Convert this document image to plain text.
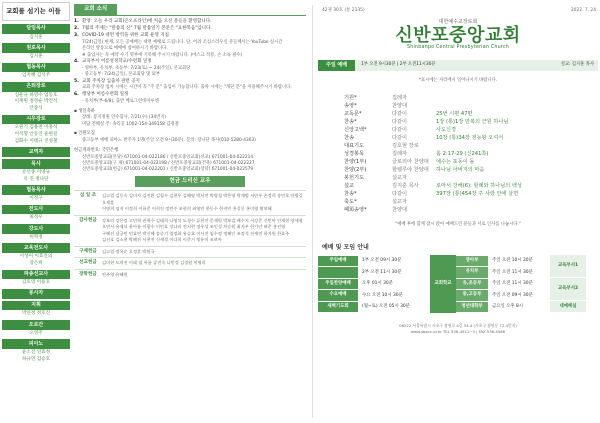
교회를 섬기는 이들
담임목사
김지훈
원로목사
김지훈
협동목사
임지혜 김석주
은퇴장로
심운규 하영수 엄동호
이재원 정영순 박진석
안종식
시무장로
오원기 김용천 이홍석
이석형 안동인 윤현길
김화수 이태규 진성철
교역자
목사
유선종 이영규
유 진 정나단
협동목사
이정구
전도사
최정우
강도사
허혁정
교육전도사
이성미 이효진외
강은희
파송선교사
김호영 이용호
봉사자
지휘
박연정 정호진
오르간
오영주
피아노
윤소진 연효정
하규민 김승호
교회 소식
1. 환영: 오늘 우리 교회(온오프라인)에 처음 오신 분들을 환영합니다.
2. 7월의 주제는 "말씀의 신" 7월 말씀일기 본문은 "요한복음"입니다.
3. COVID-19 대면 방역을 위한 교회 운영 지침
7/24(금일) 현재, 모든 공예배는 대면 예배로 드립니다. 단, 어려 조심스러우신 분들께서는 YouTube 실시간
온라인 방송으로 예배에 참여하시기 바랍니다.
※ 출입자는 꼭 예약 수기 명부에 기록해 주시기 바랍니다. (마스크 착용, 손 소독 필수)
4. 교육부서 여름성경학교/수련회 일정
· 영아부, 유치부, 초등부: 7/23(토) ~ 24(주일), 본교회당
· 중고등부: 7/24(금일), 본교회당 및 외부
5. 교회 주차장 입출차 관련 공지
교회 주차장 입차 시에는 시간이 꼭 "주 문" 출입이 가능합니다. 출차 시에는 "계단 문"을 이용해주시기 바랍니다.
6. 행당부 여름수련회 일정
· 유치부(부-6/8), 출반 베로그런데미루엔
▪ 생일축하
장례: 봉지정원 안수집사, 7/21(수) (34번지)
미담 전해실 주: 속리공 1002-154-349158 김경철
▪ 인원모집
중고등부 예배 피아노 반주자 1명(주일 오전 9시30분), 문의: 장나단 목사(010-5280-4303)
헌금계좌번호: 국민은행
신반포중앙교회(본당) 671001-04-022186 / 신반포중앙교회(선교) 671001-04-022214
신반포중앙교회(구 제) 671001-04-022198 / 신반포중앙교회(건축) 671001-04-022227
신반포중앙교회(헌금) 671001-04-022201 / 신반포중앙교회(장학) 671001-04-022579
헌금 드리신 교우
십 일 조	김고림 김동숙 김미자 김진환 김철수 김현우 김혜영 박서연 박영철 박은영 박재범 서민우 손정희 송민호 안병길 오세훈
이명희 임지 이정희 이하준 이희진 정민수 조현희 최영민 한동수 한지민 홍길동 홍미영 황보혜
감사헌금	강보라 강은정 고민혁 권혁수 김태희 나영석 도경수 류현진 문재원 박보검 배수지 서강준 신민아 안재현 양세형
오연서 유재석 윤아름 이광수 이민호 장나라 전지현 정우성 조인성 차승원 최지우 한가인 허준 홍진영
구혜선 남궁민 민효린 박신혜 송중기 엄정화 유승호 이서진 임수정 정해인 조정석 진세연 하지원 한효주
김선호 김소현 박해진 서현진 신세경 이다희 이준기 정유미 조보아
구제헌금	김고림 정옥순 오정훈 박원국
선교헌금	김미현 도희진 이태 임 아름 공진숙 나민정 김경원 이명희
장학헌금	안주영 유혜원
42권 30호 (통 2135)	2022. 7. 24
대한예수교장로회
신반포중앙교회
Shinbanpo Central Presbyterian Church
주일 예배	1부 오전 9시30분 | 2부 오전11시30분	설교: 김지훈 목사
*표시에는 자리에서 일어나시기 바랍니다.
기원*	집례자
송영*	찬양대
교독문*	다같이	25번 시편 47편
찬송*	다같이	1장 (통)1장 만복의 근원 하나님
신앙고백*	다같이	사도신경
찬송	다같이	10장 (통)34장 전능왕 오셔서
대표기도	김호현 장로
성경봉독	집례자	롬 2:17-29 (신241쪽)
찬양(1부)	글로리아 찬양대	예수는 포동이 돌
찬양(2부)	할렐루야 찬양대	하나님 아버지의 마음
봉헌기도	설교자
설교	김지훈 목사	로마서 강해(6): 할례와 하나님의 백성
찬송*	다같이	397장 (통)454장 주 사랑 안에 살면
축도*	설교자
폐회송영*	찬양대
"예배 후에 함께 잠시 앉아 예배드린 분들과 서로 인사를 나눕시다."
예배 및 모임 안내
주일예배	1부 오전 09시 30분
2부 오전 11시 30분
주일찬양예배	오후 01시 30분
수요예배	수요 오전 10시 30분
새벽기도회	(월~토) 오전 05시 30분
교회학교
영아부	주일 오전 10시 20분
유치부	주일 오전 11시 30분
유,초등부	주일 오전 11시 30분
중,고등부	주일 오전 09시 30분
청년대학부	금요일 오후 8시
교육부서1
교육부서2
대예배실
06522 서울특별시 서초구 잠원로 4길 34-4 (서초구 잠원동 72-4번지)
www.sbpcc.or.kr TEL 536-4511~3 | FAX 536-4566
